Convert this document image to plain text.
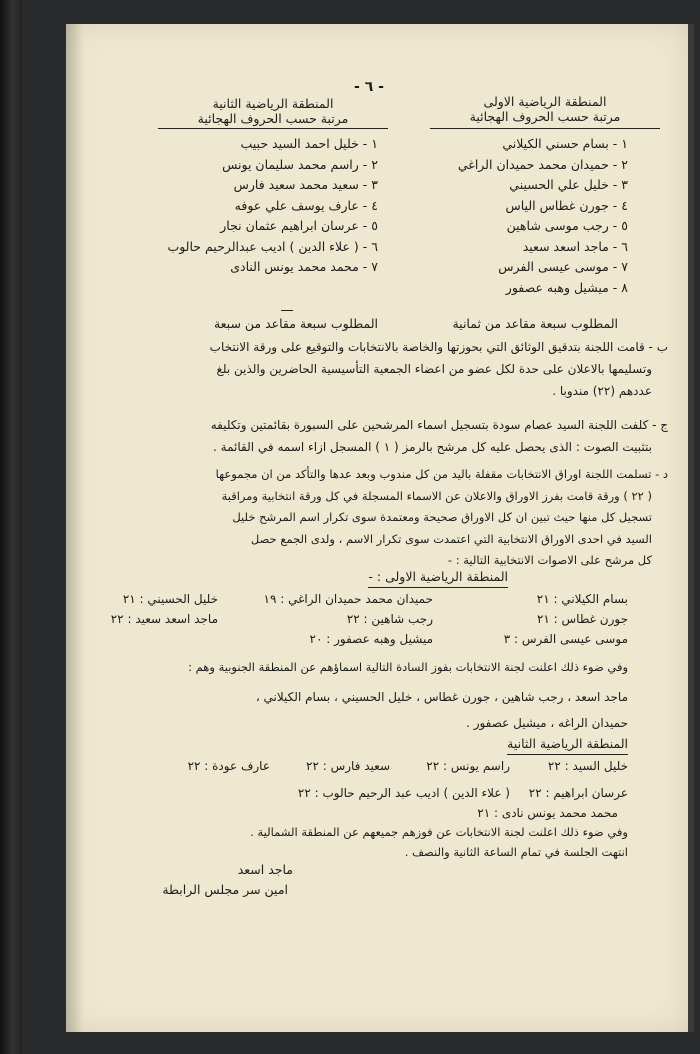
- ٦ -
المنطقة الرياضية الاولى
مرتبة حسب الحروف الهجائية
المنطقة الرياضية الثانية
مرتبة حسب الحروف الهجائية
١ - بسام حسني الكيلاني
٢ - حميدان محمد حميدان الراغي
٣ - خليل علي الحسيني
٤ - جورن غطاس الياس
٥ - رجب موسى شاهين
٦ - ماجد اسعد سعيد
٧ - موسى عيسى الفرس
٨ - ميشيل وهبه عصفور
١ - خليل احمد السيد حبيب
٢ - راسم محمد سليمان يونس
٣ - سعيد محمد سعيد فارس
٤ - عارف يوسف علي عوفه
٥ - عرسان ابراهيم عثمان نجار
٦ - ( علاء الدين ) اديب عبدالرحيم حالوب
٧ - محمد محمد يونس النادى
المطلوب سبعة مقاعد من ثمانية
المطلوب سبعة مقاعد من سبعة
ب - قامت اللجنة بتدقيق الوثائق التي بحوزتها والخاصة بالانتخابات والتوقيع على ورقة الانتخاب
وتسليمها بالاعلان على حدة لكل عضو من اعضاء الجمعية التأسيسية الحاضرين والذين بلغ
عددهم (٢٢) مندوبا .
ج - كلفت اللجنة السيد عصام سودة بتسجيل اسماء المرشحين على السبورة بقائمتين وتكليفه
بتثبيت الصوت : الذى يحصل عليه كل مرشح بالرمز ( ١ ) المسجل ازاء اسمه في القائمة .
د - تسلمت اللجنة اوراق الانتخابات مقفلة باليد من كل مندوب وبعد عدها والتأكد من ان مجموعها
( ٢٢ ) ورقة قامت بفرز الاوراق والاعلان عن الاسماء المسجلة في كل ورقة انتخابية ومراقبة
تسجيل كل منها حيث تبين ان كل الاوراق صحيحة ومعتمدة سوى تكرار اسم المرشح خليل
السيد في احدى الاوراق الانتخابية التي اعتمدت سوى تكرار الاسم ، ولدى الجمع حصل
كل مرشح على الاصوات الانتخابية التالية : -
المنطقة الرياضية الاولى : -
بسام الكيلاني : ٢١
حميدان محمد حميدان الراغي : ١٩
خليل الحسيني : ٢١
جورن غطاس : ٢١
رجب شاهين : ٢٢
ماجد اسعد سعيد : ٢٢
موسى عيسى الفرس : ٣
ميشيل وهبه عصفور : ٢٠
وفي ضوء ذلك اعلنت لجنة الانتخابات بفوز السادة التالية اسماؤهم عن المنطقة الجنوبية وهم :
ماجد اسعد ، رجب شاهين ، جورن غطاس ، خليل الحسيني ، بسام الكيلاني ،
حميدان الراغه ، ميشيل عصفور .
المنطقة الرياضية الثانية
خليل السيد : ٢٢
راسم يونس : ٢٢
سعيد فارس : ٢٢
عارف عودة : ٢٢
عرسان ابراهيم : ٢٢
( علاء الدين ) اديب عبد الرحيم حالوب : ٢٢
محمد محمد يونس نادى : ٢١
وفي ضوء ذلك اعلنت لجنة الانتخابات عن فوزهم جميعهم عن المنطقة الشمالية .
انتهت الجلسة في تمام الساعة الثانية والنصف .
ماجد اسعد
امين سر مجلس الرابطة
